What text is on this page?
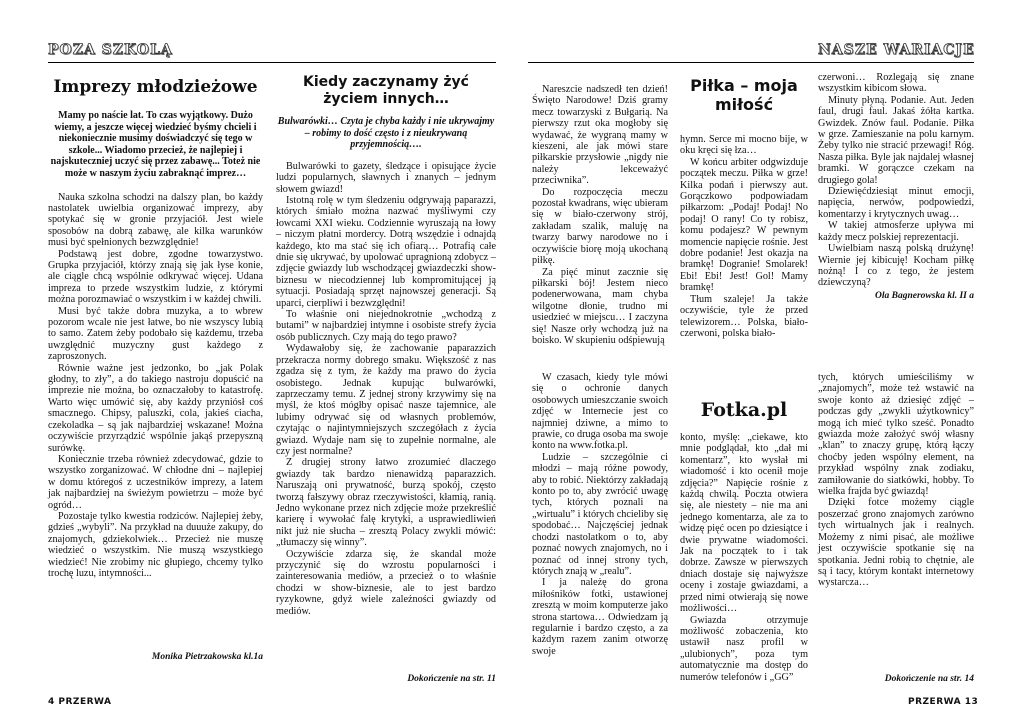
POZA SZKOLĄ
Imprezy młodzieżowe
Mamy po naście lat. To czas wyjątkowy. Dużo wiemy, a jeszcze więcej wiedzieć byśmy chcieli i niekoniecznie musimy doświadczyć się tego w szkole... Wiadomo przecież, że najlepiej i najskuteczniej uczyć się przez zabawę... Toteż nie może w naszym życiu zabraknąć imprez…

Nauka szkolna schodzi na dalszy plan, bo każdy nastolatek uwielbia organizować imprezy, aby spotykać się w gronie przyjaciół. Jest wiele sposobów na dobrą zabawę, ale kilka warunków musi być spełnionych bezwzględnie!

Podstawą jest dobre, zgodne towarzystwo. Grupka przyjaciół, którzy znają się jak łyse konie, ale ciągle chcą wspólnie odkrywać więcej. Udana impreza to przede wszystkim ludzie, z którymi można porozmawiać o wszystkim i w każdej chwili.

Musi być także dobra muzyka, a to wbrew pozorom wcale nie jest łatwe, bo nie wszyscy lubią to samo. Zatem żeby podobało się każdemu, trzeba uwzględnić muzyczny gust każdego z zaproszonych.

Równie ważne jest jedzonko, bo „jak Polak głodny, to zły”, a do takiego nastroju dopuścić na imprezie nie można, bo oznaczałoby to katastrofę. Warto więc umówić się, aby każdy przyniósł coś smacznego. Chipsy, paluszki, cola, jakieś ciacha, czekoladka – są jak najbardziej wskazane! Można oczywiście przyrządzić wspólnie jakąś przepyszną surówkę.

Koniecznie trzeba również zdecydować, gdzie to wszystko zorganizować. W chłodne dni – najlepiej w domu któregoś z uczestników imprezy, a latem jak najbardziej na świeżym powietrzu – może być ogród…

Pozostaje tylko kwestia rodziców. Najlepiej żeby, gdzieś „wybyli”. Na przykład na duuuże zakupy, do znajomych, gdziekolwiek… Przecież nie muszę wiedzieć o wszystkim. Nie muszą wszystkiego wiedzieć! Nie zrobimy nic głupiego, chcemy tylko trochę luzu, intymności...

Monika Pietrzakowska kl.1a
Kiedy zaczynamy żyć życiem innych…
Bulwarówki… Czyta je chyba każdy i nie ukrywajmy – robimy to dość często i z nieukrywaną przyjemnością….

Bulwarówki to gazety, śledzące i opisujące życie ludzi popularnych, sławnych i znanych – jednym słowem gwiazd!

Istotną rolę w tym śledzeniu odgrywają paparazzi, których śmiało można nazwać myśliwymi czy łowcami XXI wieku. Codziennie wyruszają na łowy – niczym płatni mordercy. Dotrą wszędzie i odnajdą każdego, kto ma stać się ich ofiarą… Potrafią całe dnie się ukrywać, by upolować upragnioną zdobycz – zdjęcie gwiazdy lub wschodzącej gwiazdeczki show-biznesu w niecodziennej lub kompromitującej ją sytuacji. Posiadają sprzęt najnowszej generacji. Są uparci, cierpliwi i bezwzględni!

To właśnie oni niejednokrotnie „wchodzą z butami” w najbardziej intymne i osobiste strefy życia osób publicznych. Czy mają do tego prawo?

Wydawałoby się, że zachowanie paparazzich przekracza normy dobrego smaku. Większość z nas zgadza się z tym, że każdy ma prawo do życia osobistego. Jednak kupując bulwarówki, zaprzeczamy temu. Z jednej strony krzywimy się na myśl, że ktoś mógłby opisać nasze tajemnice, ale lubimy odrywać się od własnych problemów, czytając o najintymniejszych szczegółach z życia gwiazd. Wydaje nam się to zupełnie normalne, ale czy jest normalne?

Z drugiej strony łatwo zrozumieć dlaczego gwiazdy tak bardzo nienawidzą paparazzich. Naruszają oni prywatność, burzą spokój, często tworzą fałszywy obraz rzeczywistości, kłamią, ranią. Jedno wykonane przez nich zdjęcie może przekreślić karierę i wywołać falę krytyki, a usprawiedliwień nikt już nie słucha – zresztą Polacy zwykli mówić: „tłumaczy się winny”.

Oczywiście zdarza się, że skandal może przyczynić się do wzrostu popularności i zainteresowania mediów, a przecież o to właśnie chodzi w show-biznesie, ale to jest bardzo ryzykowne, gdyż wiele zależności gwiazdy od mediów.

Dokończenie na str. 11
4 PRZERWA
NASZE WARIACJE

Nareszcie nadszedł ten dzień! Święto Narodowe! Dziś gramy mecz towarzyski z Bułgarią. Na pierwszy rzut oka mogłoby się wydawać, że wygraną mamy w kieszeni, ale jak mówi stare piłkarskie przysłowie „nigdy nie należy lekceważyć przeciwnika”.

Do rozpoczęcia meczu pozostał kwadrans, więc ubieram się w biało-czerwony strój, zakładam szalik, maluję na twarzy barwy narodowe no i oczywiście biorę moją ukochaną piłkę.

Za pięć minut zacznie się piłkarski bój! Jestem nieco podenerwowana, mam chyba wilgotne dłonie, trudno mi usiedzieć w miejscu… I zaczyna się! Nasze orły wchodzą już na boisko. W skupieniu odśpiewują

Piłka – moja miłość

hymn. Serce mi mocno bije, w oku kręci się łza…

W końcu arbiter odgwizduje początek meczu. Piłka w grze! Kilka podań i pierwszy aut. Gorączkowo podpowiadam piłkarzom: „Podaj! Podaj! No podaj! O rany! Co ty robisz, komu podajesz? W pewnym momencie napięcie rośnie. Jest dobre podanie! Jest okazja na bramkę! Dogranie! Smolarek! Ebi! Ebi! Jest! Gol! Mamy bramkę!

Tłum szaleje! Ja także oczywiście, tyle że przed telewizorem… Polska, biało-czerwoni, polska biało-

czerwoni… Rozlegają się znane wszystkim kibicom słowa.

Minuty płyną. Podanie. Aut. Jeden faul, drugi faul. Jakaś żółta kartka. Gwizdek. Znów faul. Podanie. Piłka w grze. Zamieszanie na polu karnym. Żeby tylko nie stracić przewagi! Róg. Nasza piłka. Byle jak najdalej własnej bramki. W gorączce czekam na drugiego gola!

Dziewięćdziesiąt minut emocji, napięcia, nerwów, podpowiedzi, komentarzy i krytycznych uwag…

W takiej atmosferze upływa mi każdy mecz polskiej reprezentacji.

Uwielbiam naszą polską drużynę! Wiernie jej kibicuję! Kocham piłkę nożną! I co z tego, że jestem dziewczyną?

Ola Bagnerowska kl. II a

W czasach, kiedy tyle mówi się o ochronie danych osobowych umieszczanie swoich zdjęć w Internecie jest co najmniej dziwne, a mimo to prawie, co druga osoba ma swoje konto na www.fotka.pl.

Ludzie – szczególnie ci młodzi – mają różne powody, aby to robić. Niektórzy zakładają konto po to, aby zwrócić uwagę tych, których poznali na „wirtualu” i których chcieliby się spodobać… Najczęściej jednak chodzi nastolatkom o to, aby poznać nowych znajomych, no i poznać od innej strony tych, których znają w „realu”.

I ja należę do grona miłośników fotki, ustawionej zresztą w moim komputerze jako strona startowa… Odwiedzam ją regularnie i bardzo często, a za każdym razem zanim otworzę swoje

Fotka.pl

konto, myślę: „ciekawe, kto mnie podglądał, kto „dał mi komentarz”, kto wysłał mi wiadomość i kto ocenił moje zdjęcia?” Napięcie rośnie z każdą chwilą. Poczta otwiera się, ale niestety – nie ma ani jednego komentarza, ale za to widzę pięć ocen po dziesiątce i dwie prywatne wiadomości. Jak na początek to i tak dobrze. Zawsze w pierwszych dniach dostaje się najwyższe oceny i zostaje gwiazdami, a przed nimi otwierają się nowe możliwości…

Gwiazda otrzymuje możliwość zobaczenia, kto ustawił nasz profil w „ulubionych”, poza tym automatycznie ma dostęp do numerów telefonów i „GG”

tych, których umieściliśmy w „znajomych”, może też wstawić na swoje konto aż dziesięć zdjęć – podczas gdy „zwykli użytkownicy” mogą ich mieć tylko sześć. Ponadto gwiazda może założyć swój własny „klan” to znaczy grupę, którą łączy choćby jeden wspólny element, na przykład wspólny znak zodiaku, zamiłowanie do siatkówki, hobby. To wielka frajda być gwiazdą!

Dzięki fotce możemy ciągle poszerzać grono znajomych zarówno tych wirtualnych jak i realnych. Możemy z nimi pisać, ale możliwe jest oczywiście spotkanie się na spotkania. Jedni robią to chętnie, ale są i tacy, którym kontakt internetowy wystarcza…

Dokończenie na str. 14
PRZERWA 13
